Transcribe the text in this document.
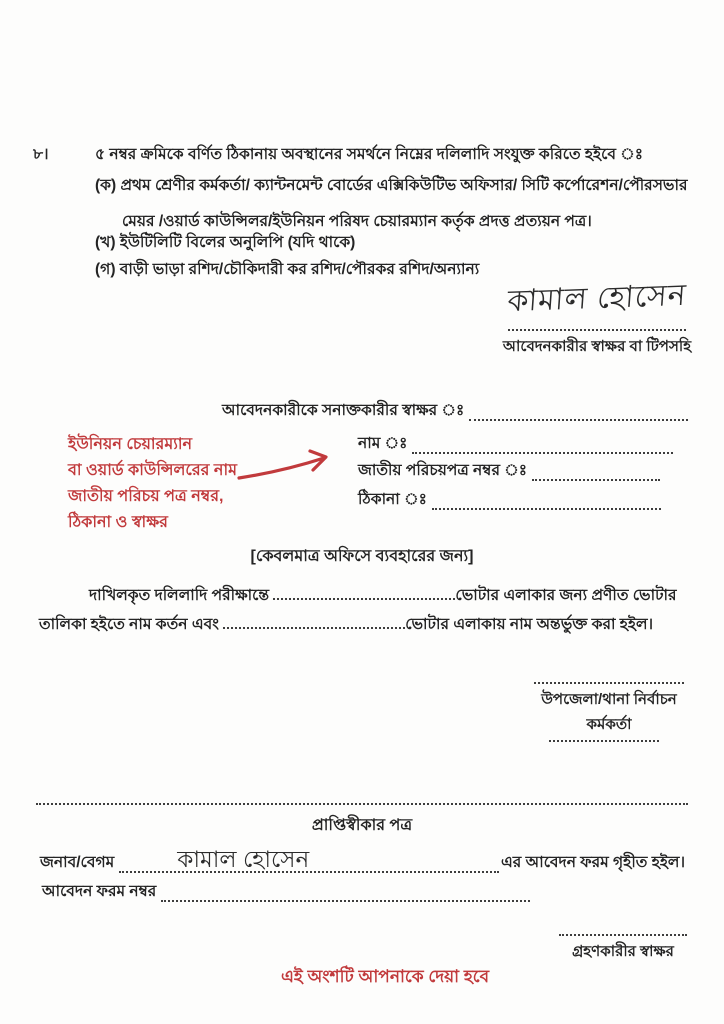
৮।	৫ নম্বর ক্রমিকে বর্ণিত ঠিকানায় অবস্থানের সমর্থনে নিম্নের দলিলাদি সংযুক্ত করিতে হইবে ঃ
(ক) প্রথম শ্রেণীর কর্মকর্তা/ ক্যান্টনমেন্ট বোর্ডের এক্সিকিউটিভ অফিসার/ সিটি কর্পোরেশন/পৌরসভার মেয়র /ওয়ার্ড কাউন্সিলর/ইউনিয়ন পরিষদ চেয়ারম্যান কর্তৃক প্রদত্ত প্রত্যয়ন পত্র।
(খ) ইউটিলিটি বিলের অনুলিপি (যদি থাকে)
(গ) বাড়ী ভাড়া রশিদ/চৌকিদারী কর রশিদ/পৌরকর রশিদ/অন্যান্য
কামাল হোসেন
আবেদনকারীর স্বাক্ষর বা টিপসহি
আবেদনকারীকে সনাক্তকারীর স্বাক্ষর ঃ
নাম ঃ
জাতীয় পরিচয়পত্র নম্বর ঃ
ঠিকানা ঃ
ইউনিয়ন চেয়ারম্যান
বা ওয়ার্ড কাউন্সিলরের নাম
জাতীয় পরিচয় পত্র নম্বর,
ঠিকানা ও স্বাক্ষর
[কেবলমাত্র অফিসে ব্যবহারের জন্য]
দাখিলকৃত দলিলাদি পরীক্ষান্তে	ভোটার এলাকার জন্য প্রণীত ভোটার তালিকা হইতে নাম কর্তন এবং	ভোটার এলাকায় নাম অন্তর্ভুক্ত করা হইল।
উপজেলা/থানা নির্বাচন কর্মকর্তা
প্রাপ্তিস্বীকার পত্র
জনাব/বেগম	কামাল হোসেন	এর আবেদন ফরম গৃহীত হইল।
আবেদন ফরম নম্বর
গ্রহণকারীর স্বাক্ষর
এই অংশটি আপনাকে দেয়া হবে
